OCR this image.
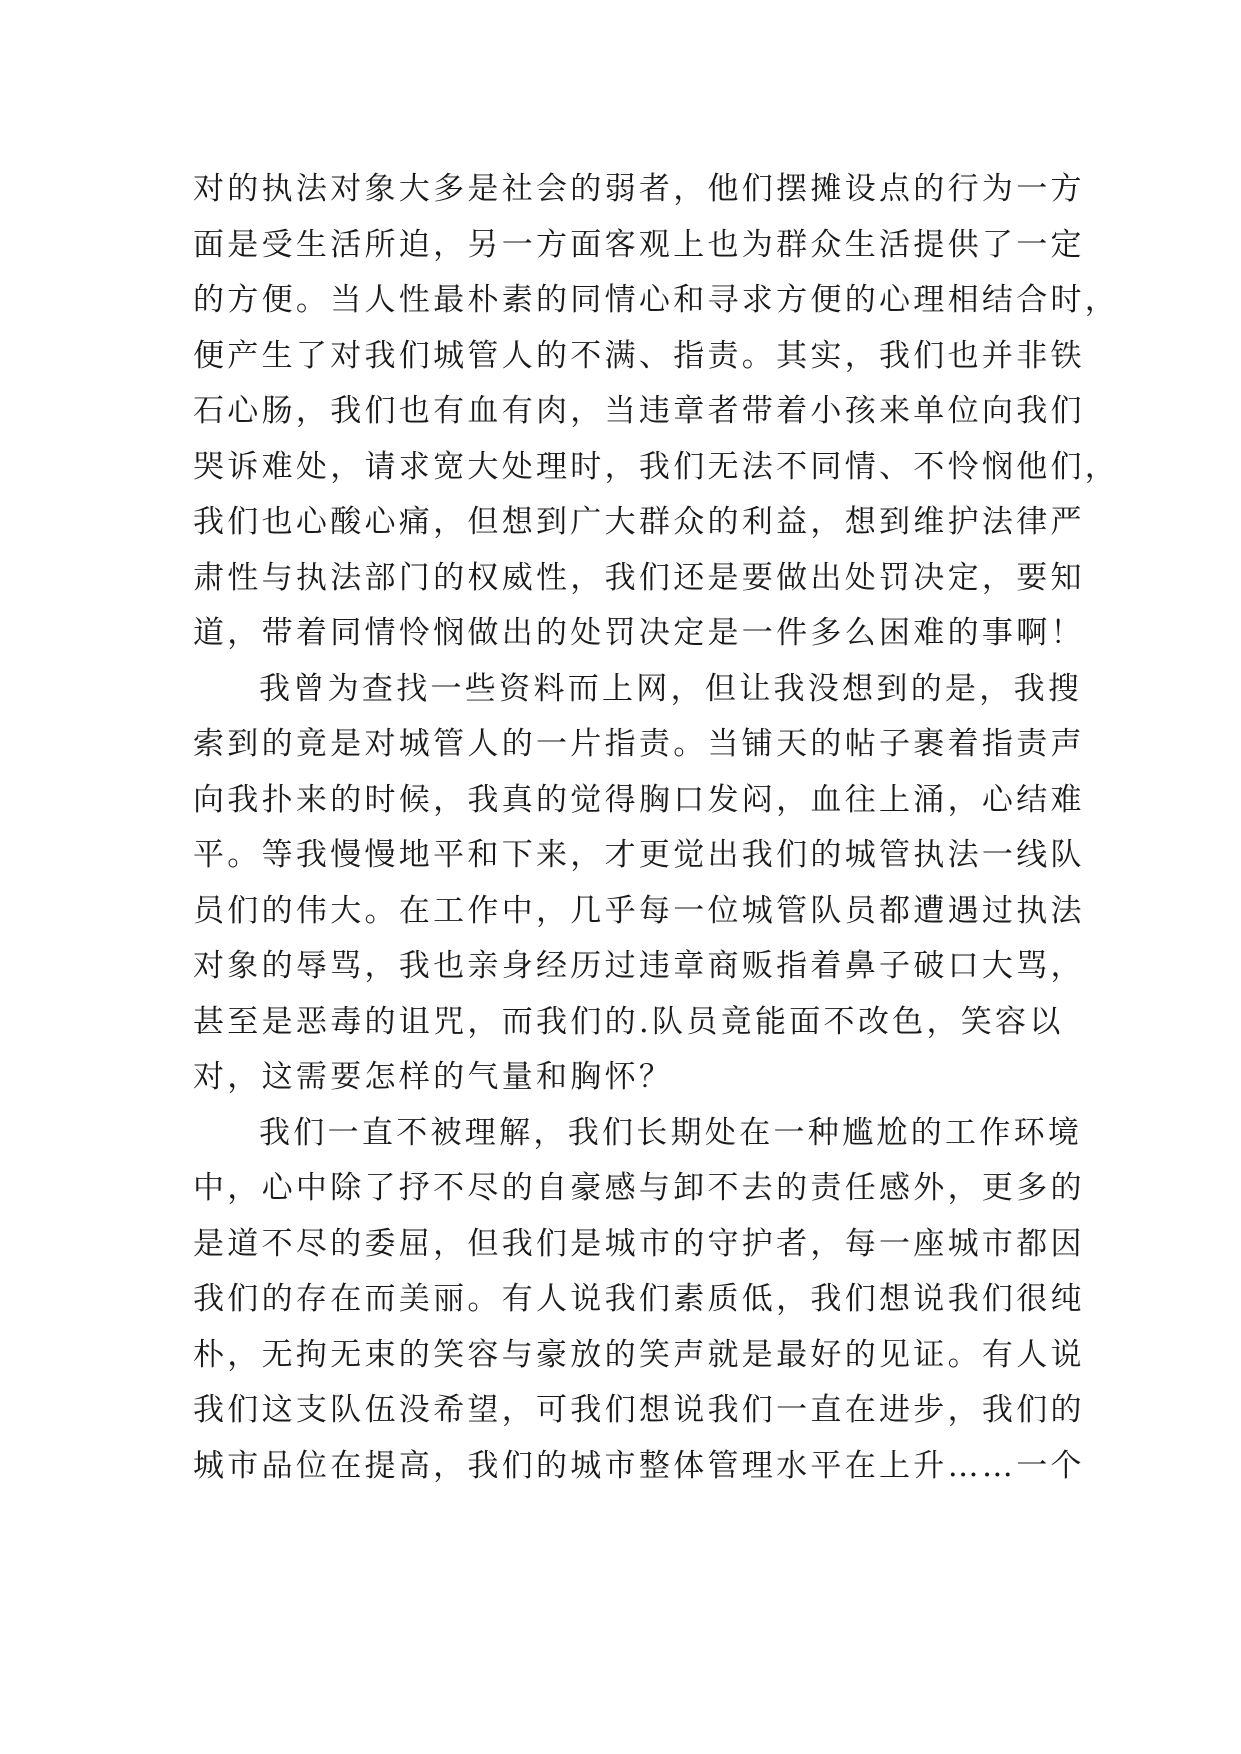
对的执法对象大多是社会的弱者，他们摆摊设点的行为一方
面是受生活所迫，另一方面客观上也为群众生活提供了一定
的方便。当人性最朴素的同情心和寻求方便的心理相结合时，
便产生了对我们城管人的不满、指责。其实，我们也并非铁
石心肠，我们也有血有肉，当违章者带着小孩来单位向我们
哭诉难处，请求宽大处理时，我们无法不同情、不怜悯他们，
我们也心酸心痛，但想到广大群众的利益，想到维护法律严
肃性与执法部门的权威性，我们还是要做出处罚决定，要知
道，带着同情怜悯做出的处罚决定是一件多么困难的事啊！
我曾为查找一些资料而上网，但让我没想到的是，我搜
索到的竟是对城管人的一片指责。当铺天的帖子裹着指责声
向我扑来的时候，我真的觉得胸口发闷，血往上涌，心结难
平。等我慢慢地平和下来，才更觉出我们的城管执法一线队
员们的伟大。在工作中，几乎每一位城管队员都遭遇过执法
对象的辱骂，我也亲身经历过违章商贩指着鼻子破口大骂，
甚至是恶毒的诅咒，而我们的.队员竟能面不改色，笑容以
对，这需要怎样的气量和胸怀？
我们一直不被理解，我们长期处在一种尴尬的工作环境
中，心中除了抒不尽的自豪感与卸不去的责任感外，更多的
是道不尽的委屈，但我们是城市的守护者，每一座城市都因
我们的存在而美丽。有人说我们素质低，我们想说我们很纯
朴，无拘无束的笑容与豪放的笑声就是最好的见证。有人说
我们这支队伍没希望，可我们想说我们一直在进步，我们的
城市品位在提高，我们的城市整体管理水平在上升……一个
